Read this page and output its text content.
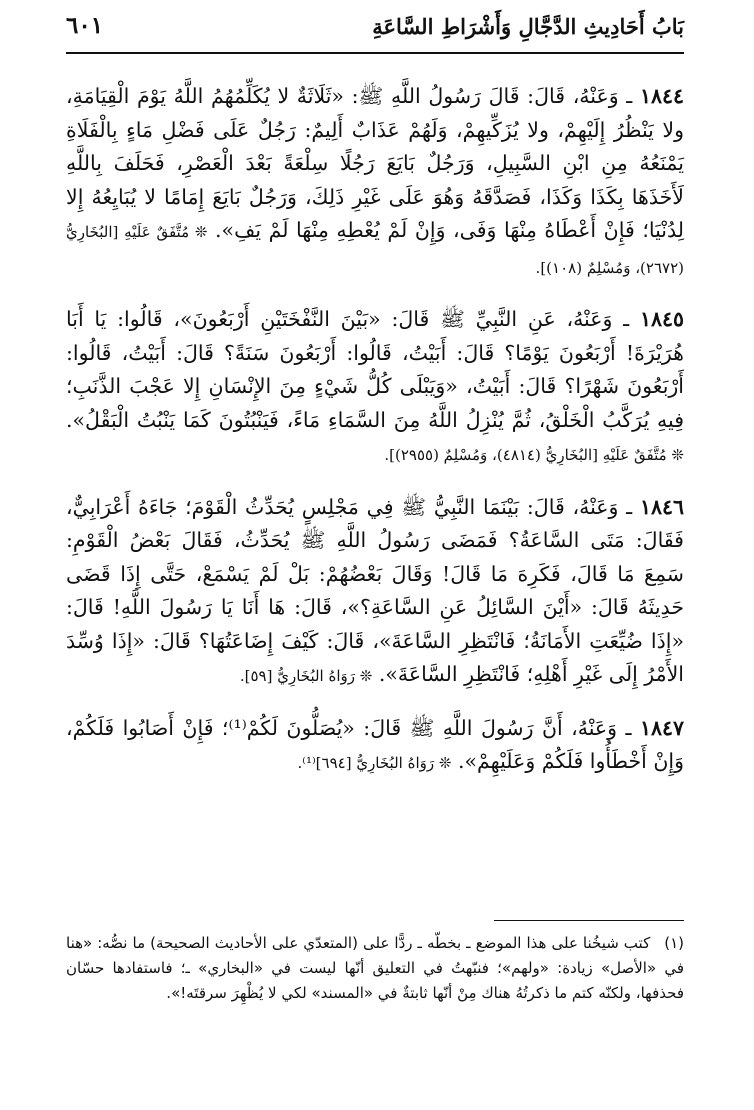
بَابُ أَحَادِيثِ الدَّجَّالِ وَأَشْرَاطِ السَّاعَةِ
٦٠١

١٨٤٤ ـ وَعَنْهُ، قَالَ: قَالَ رَسُولُ اللَّهِ ﷺ: «ثَلَاثَةٌ لا يُكَلِّمُهُمُ اللَّهُ يَوْمَ الْقِيَامَةِ، ولا يَنْظُرُ إِلَيْهِمْ، ولا يُزَكِّيهِمْ، وَلَهُمْ عَذَابٌ أَلِيمٌ: رَجُلٌ عَلَى فَضْلِ مَاءٍ بِالْفَلَاةِ يَمْنَعُهُ مِنِ ابْنِ السَّبِيلِ، وَرَجُلٌ بَايَعَ رَجُلًا سِلْعَةً بَعْدَ الْعَصْرِ، فَحَلَفَ بِاللَّهِ لَأَخَذَهَا بِكَذَا وَكَذَا، فَصَدَّقَهُ وَهُوَ عَلَى غَيْرِ ذَلِكَ، وَرَجُلٌ بَايَعَ إِمَامًا لا يُبَايِعُهُ إِلا لِدُنْيَا؛ فَإِنْ أَعْطَاهُ مِنْهَا وَفَى، وَإِنْ لَمْ يُعْطِهِ مِنْهَا لَمْ يَفِ». ❊ مُتَّفَقٌ عَلَيْهِ [البُخَارِيُّ (٢٦٧٢)، وَمُسْلِمٌ (١٠٨)].

١٨٤٥ ـ وَعَنْهُ، عَنِ النَّبِيِّ ﷺ قَالَ: «بَيْنَ النَّفْخَتَيْنِ أَرْبَعُونَ»، قَالُوا: يَا أَبَا هُرَيْرَةَ! أَرْبَعُونَ يَوْمًا؟ قَالَ: أَبَيْتُ، قَالُوا: أَرْبَعُونَ سَنَةً؟ قَالَ: أَبَيْتُ، قَالُوا: أَرْبَعُونَ شَهْرًا؟ قَالَ: أَبَيْتُ، «وَيَبْلَى كُلُّ شَيْءٍ مِنَ الإِنْسَانِ إِلا عَجْبَ الذَّنَبِ؛ فِيهِ يُرَكَّبُ الْخَلْقُ، ثُمَّ يُنْزِلُ اللَّهُ مِنَ السَّمَاءِ مَاءً، فَيَنْبُتُونَ كَمَا يَنْبُتُ الْبَقْلُ». ❊ مُتَّفَقٌ عَلَيْهِ [البُخَارِيُّ (٤٨١٤)، وَمُسْلِمٌ (٢٩٥٥)].

١٨٤٦ ـ وَعَنْهُ، قَالَ: بَيْنَمَا النَّبِيُّ ﷺ فِي مَجْلِسٍ يُحَدِّثُ الْقَوْمَ؛ جَاءَهُ أَعْرَابِيٌّ، فَقَالَ: مَتَى السَّاعَةُ؟ فَمَضَى رَسُولُ اللَّهِ ﷺ يُحَدِّثُ، فَقَالَ بَعْضُ الْقَوْمِ: سَمِعَ مَا قَالَ، فَكَرِهَ مَا قَالَ! وَقَالَ بَعْضُهُمْ: بَلْ لَمْ يَسْمَعْ، حَتَّى إِذَا قَضَى حَدِيثَهُ قَالَ: «أَيْنَ السَّائِلُ عَنِ السَّاعَةِ؟»، قَالَ: هَا أَنَا يَا رَسُولَ اللَّهِ! قَالَ: «إِذَا ضُيِّعَتِ الأَمَانَةُ؛ فَانْتَظِرِ السَّاعَةَ»، قَالَ: كَيْفَ إِضَاعَتُهَا؟ قَالَ: «إِذَا وُسِّدَ الأَمْرُ إِلَى غَيْرِ أَهْلِهِ؛ فَانْتَظِرِ السَّاعَةَ». ❊ رَوَاهُ البُخَارِيُّ [٥٩].

١٨٤٧ ـ وَعَنْهُ، أَنَّ رَسُولَ اللَّهِ ﷺ قَالَ: «يُصَلُّونَ لَكُمْ⁽¹⁾؛ فَإِنْ أَصَابُوا فَلَكُمْ، وَإِنْ أَخْطَأُوا فَلَكُمْ وَعَلَيْهِمْ». ❊ رَوَاهُ البُخَارِيُّ [٦٩٤]⁽¹⁾.

(١)كتب شيخُنا على هذا الموضع ـ بخطّه ـ ردًّا على (المتعدّي على الأحاديث الصحيحة) ما نصُّه: «هنا في «الأصل» زيادة: «ولهم»؛ فنبّهتُ في التعليق أنّها ليست في «البخاري» ـ؛ فاستفادها حسّان فحذفها، ولكنّه كتم ما ذكرتُهُ هناك مِنْ أنّها ثابتةٌ في «المسند» لكي لا يُظْهِرَ سرقتَه!».
